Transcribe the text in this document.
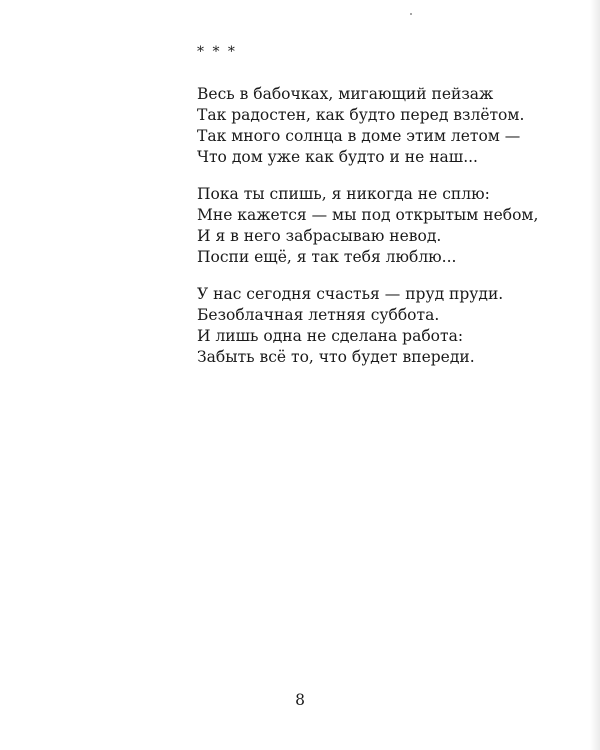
* * *
Весь в бабочках, мигающий пейзаж
Так радостен, как будто перед взлётом.
Так много солнца в доме этим летом —
Что дом уже как будто и не наш...
Пока ты спишь, я никогда не сплю:
Мне кажется — мы под открытым небом,
И я в него забрасываю невод.
Поспи ещё, я так тебя люблю...
У нас сегодня счастья — пруд пруди.
Безоблачная летняя суббота.
И лишь одна не сделана работа:
Забыть всё то, что будет впереди.
8
